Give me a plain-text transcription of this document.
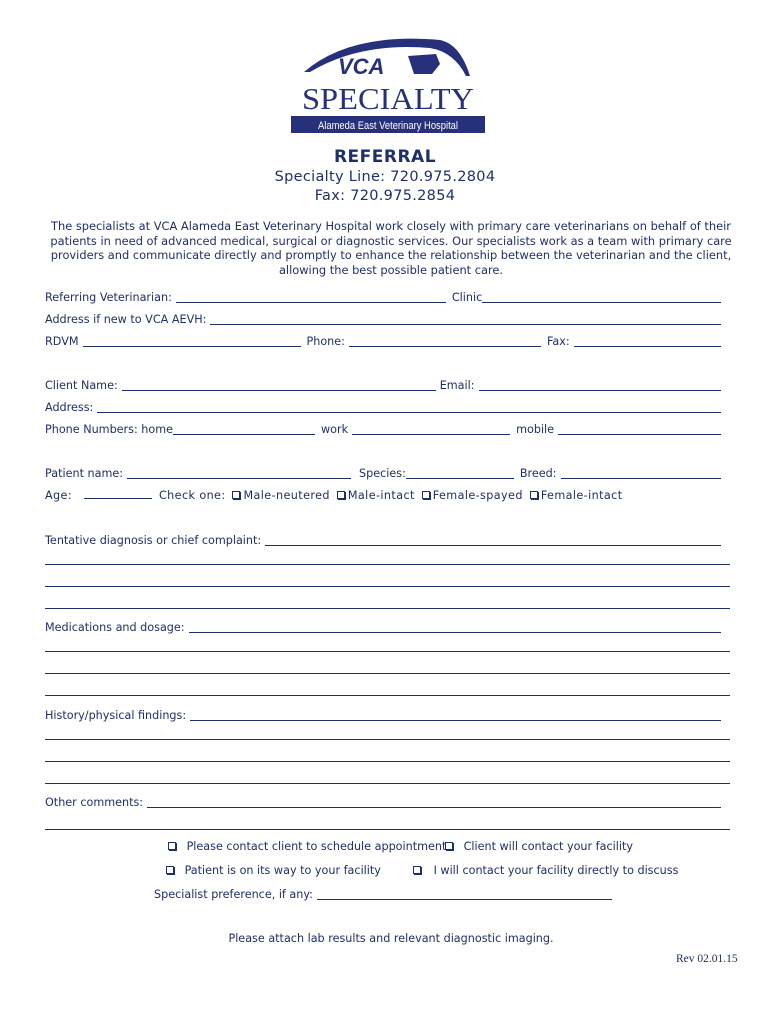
VCA
SPECIALTY
Alameda East Veterinary Hospital
REFERRAL
Specialty Line: 720.975.2804
Fax: 720.975.2854
The specialists at VCA Alameda East Veterinary Hospital work closely with primary care veterinarians on behalf of their patients in need of advanced medical, surgical or diagnostic services. Our specialists work as a team with primary care providers and communicate directly and promptly to enhance the relationship between the veterinarian and the client, allowing the best possible patient care.
Referring Veterinarian:	Clinic
Address if new to VCA AEVH:
RDVM	Phone:	Fax:
Client Name:	Email:
Address:
Phone Numbers: home	work	mobile
Patient name:	Species:	Breed:
Age:	Check one: Male-neutered Male-intact Female-spayed Female-intact
Tentative diagnosis or chief complaint:
Medications and dosage:
History/physical findings:
Other comments:
Please contact client to schedule appointment	Client will contact your facility
Patient is on its way to your facility	I will contact your facility directly to discuss
Specialist preference, if any:
Please attach lab results and relevant diagnostic imaging.
Rev 02.01.15
